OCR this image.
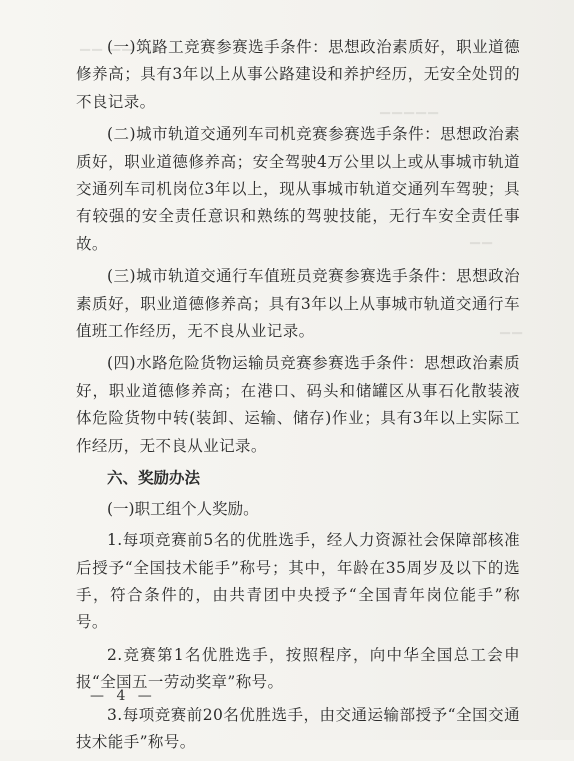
▔▔ ▔▔ ▔▔
▁▁▁▁▁
▁▁
▁▁

(一)筑路工竞赛参赛选手条件：思想政治素质好，职业道德修养高；具有3年以上从事公路建设和养护经历，无安全处罚的不良记录。

(二)城市轨道交通列车司机竞赛参赛选手条件：思想政治素质好，职业道德修养高；安全驾驶4万公里以上或从事城市轨道交通列车司机岗位3年以上，现从事城市轨道交通列车驾驶；具有较强的安全责任意识和熟练的驾驶技能，无行车安全责任事故。

(三)城市轨道交通行车值班员竞赛参赛选手条件：思想政治素质好，职业道德修养高；具有3年以上从事城市轨道交通行车值班工作经历，无不良从业记录。

(四)水路危险货物运输员竞赛参赛选手条件：思想政治素质好，职业道德修养高；在港口、码头和储罐区从事石化散装液体危险货物中转(装卸、运输、储存)作业；具有3年以上实际工作经历，无不良从业记录。

六、奖励办法

(一)职工组个人奖励。

1.每项竞赛前5名的优胜选手，经人力资源社会保障部核准后授予“全国技术能手”称号；其中，年龄在35周岁及以下的选手，符合条件的，由共青团中央授予“全国青年岗位能手”称号。

2.竞赛第1名优胜选手，按照程序，向中华全国总工会申报“全国五一劳动奖章”称号。

3.每项竞赛前20名优胜选手，由交通运输部授予“全国交通技术能手”称号。

— 4 —
